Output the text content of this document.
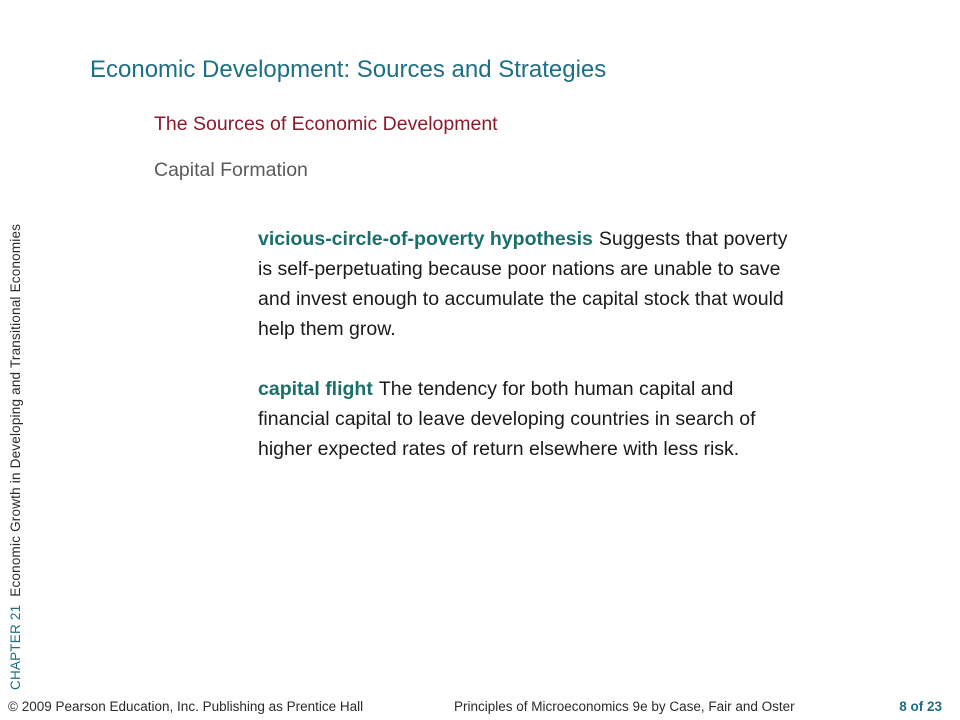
CHAPTER 21Economic Growth in Developing and Transitional Economies
Economic Development: Sources and Strategies
The Sources of Economic Development
Capital Formation

vicious-circle-of-poverty hypothesis Suggests that poverty is self-perpetuating because poor nations are unable to save and invest enough to accumulate the capital stock that would help them grow.

capital flight The tendency for both human capital and financial capital to leave developing countries in search of higher expected rates of return elsewhere with less risk.

© 2009 Pearson Education, Inc. Publishing as Prentice Hall	Principles of Microeconomics 9e by Case, Fair and Oster	8 of 23
